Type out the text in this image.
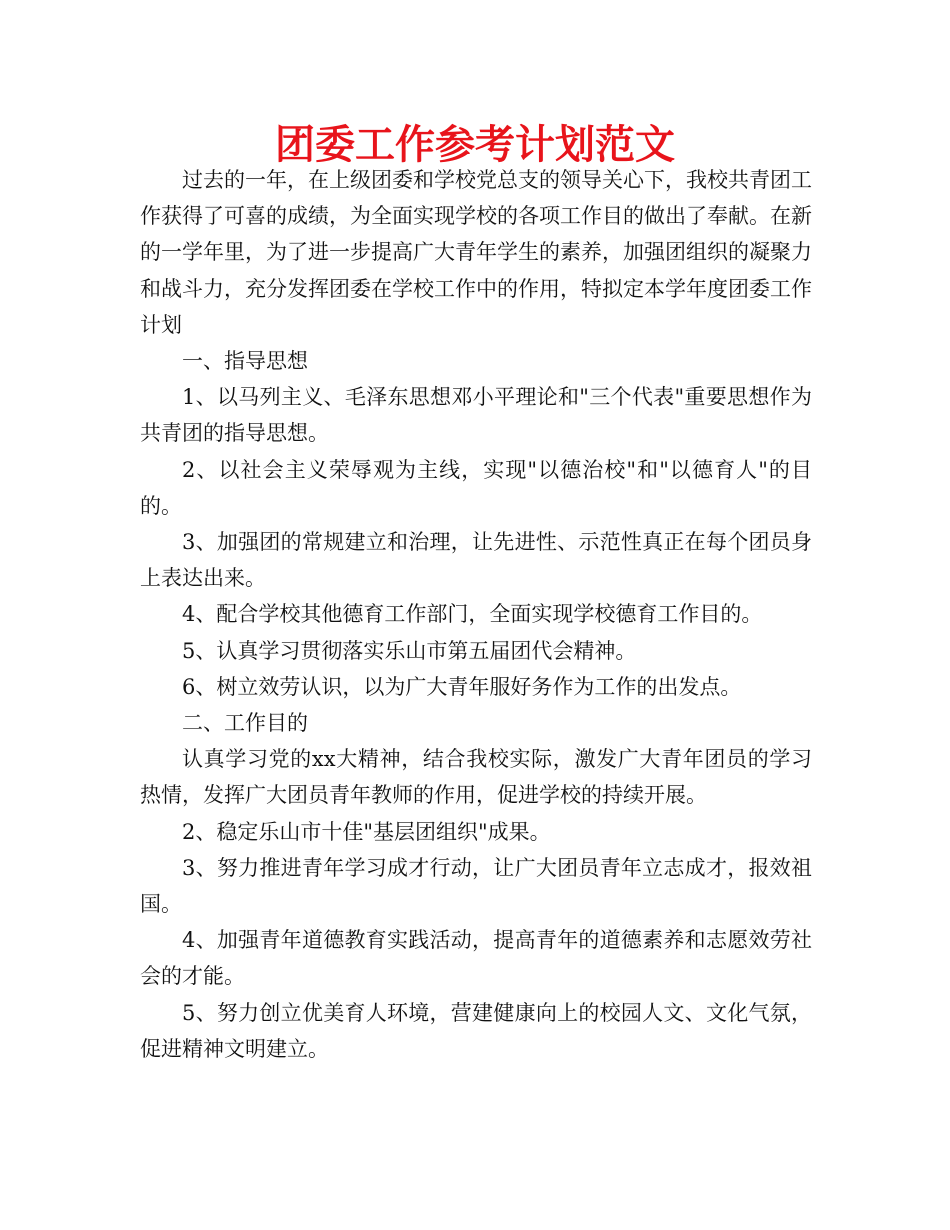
团委工作参考计划范文

过去的一年，在上级团委和学校党总支的领导关心下，我校共青团工作获得了可喜的成绩，为全面实现学校的各项工作目的做出了奉献。在新的一学年里，为了进一步提高广大青年学生的素养，加强团组织的凝聚力和战斗力，充分发挥团委在学校工作中的作用，特拟定本学年度团委工作计划

一、指导思想

1、以马列主义、毛泽东思想邓小平理论和"三个代表"重要思想作为共青团的指导思想。

2、以社会主义荣辱观为主线，实现"以德治校"和"以德育人"的目的。

3、加强团的常规建立和治理，让先进性、示范性真正在每个团员身上表达出来。

4、配合学校其他德育工作部门，全面实现学校德育工作目的。

5、认真学习贯彻落实乐山市第五届团代会精神。

6、树立效劳认识，以为广大青年服好务作为工作的出发点。

二、工作目的

认真学习党的xx大精神，结合我校实际，激发广大青年团员的学习热情，发挥广大团员青年教师的作用，促进学校的持续开展。

2、稳定乐山市十佳"基层团组织"成果。

3、努力推进青年学习成才行动，让广大团员青年立志成才，报效祖国。

4、加强青年道德教育实践活动，提高青年的道德素养和志愿效劳社会的才能。

5、努力创立优美育人环境，营建健康向上的校园人文、文化气氛，促进精神文明建立。
